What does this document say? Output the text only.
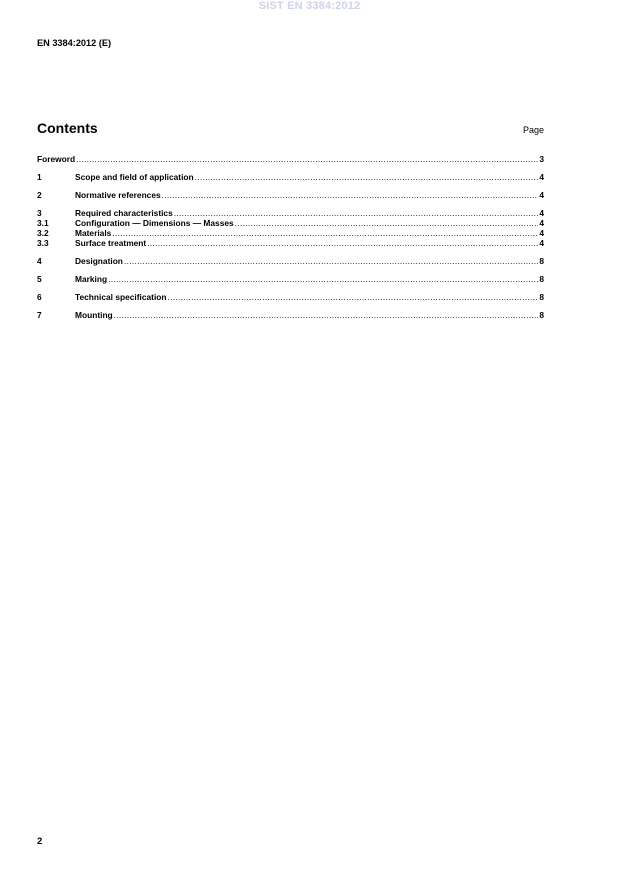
SIST EN 3384:2012
EN 3384:2012 (E)
Contents	Page
Foreword .....	3
1	Scope and field of application .....	4
2	Normative references .....	4
3	Required characteristics .....	4
3.1	Configuration — Dimensions — Masses .....	4
3.2	Materials .....	4
3.3	Surface treatment .....	4
4	Designation .....	8
5	Marking .....	8
6	Technical specification .....	8
7	Mounting .....	8
2
